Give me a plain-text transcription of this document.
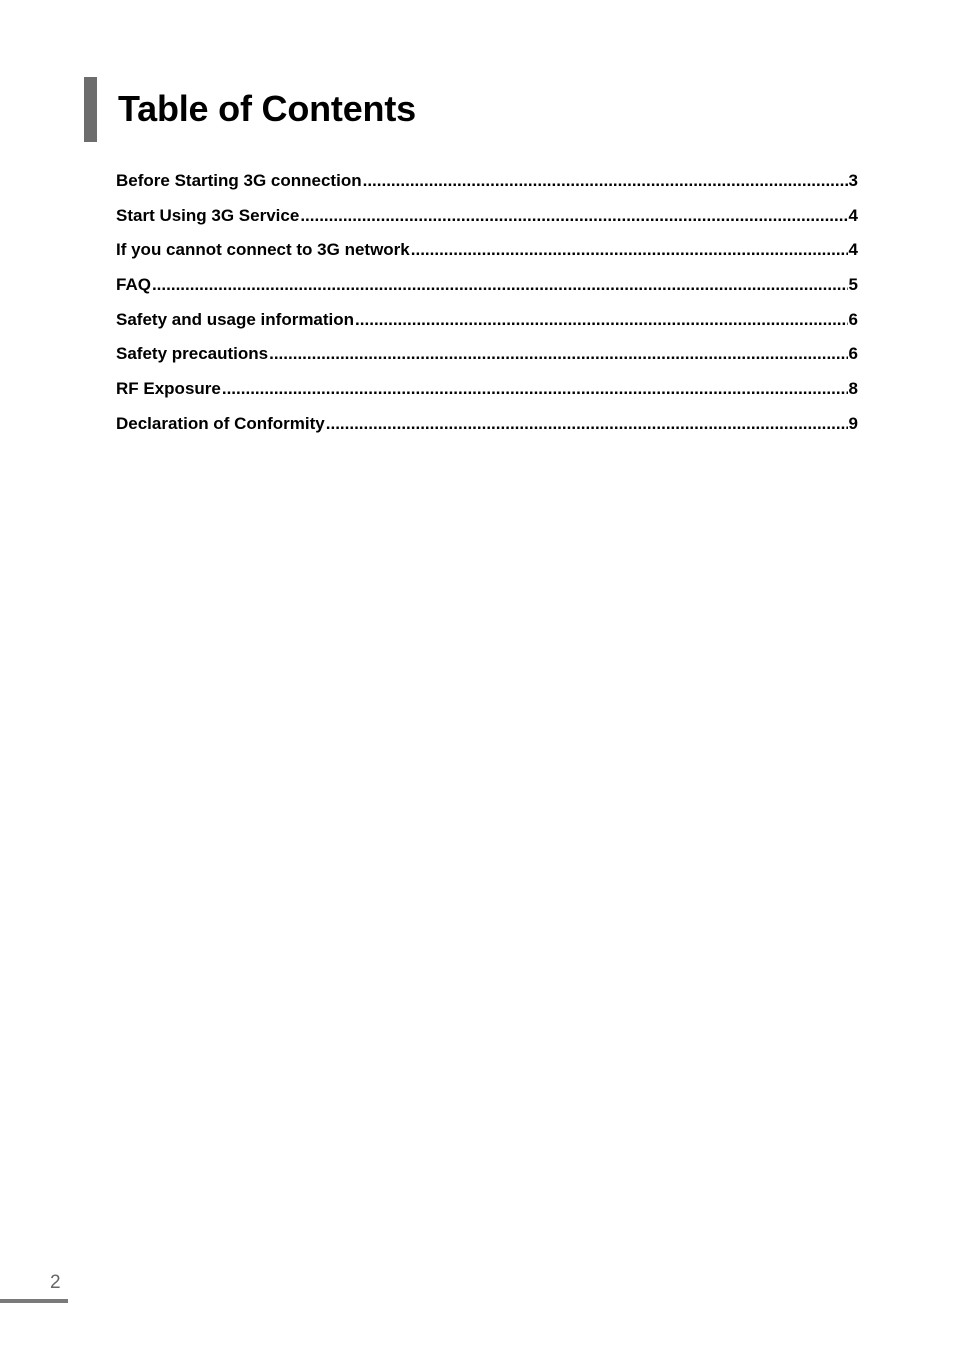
Table of Contents
Before Starting 3G connection .....	3
Start Using 3G Service .....	4
If you cannot connect to 3G network .....	4
FAQ .....	5
Safety and usage information .....	6
Safety precautions .....	6
RF Exposure .....	8
Declaration of Conformity .....	9
2
